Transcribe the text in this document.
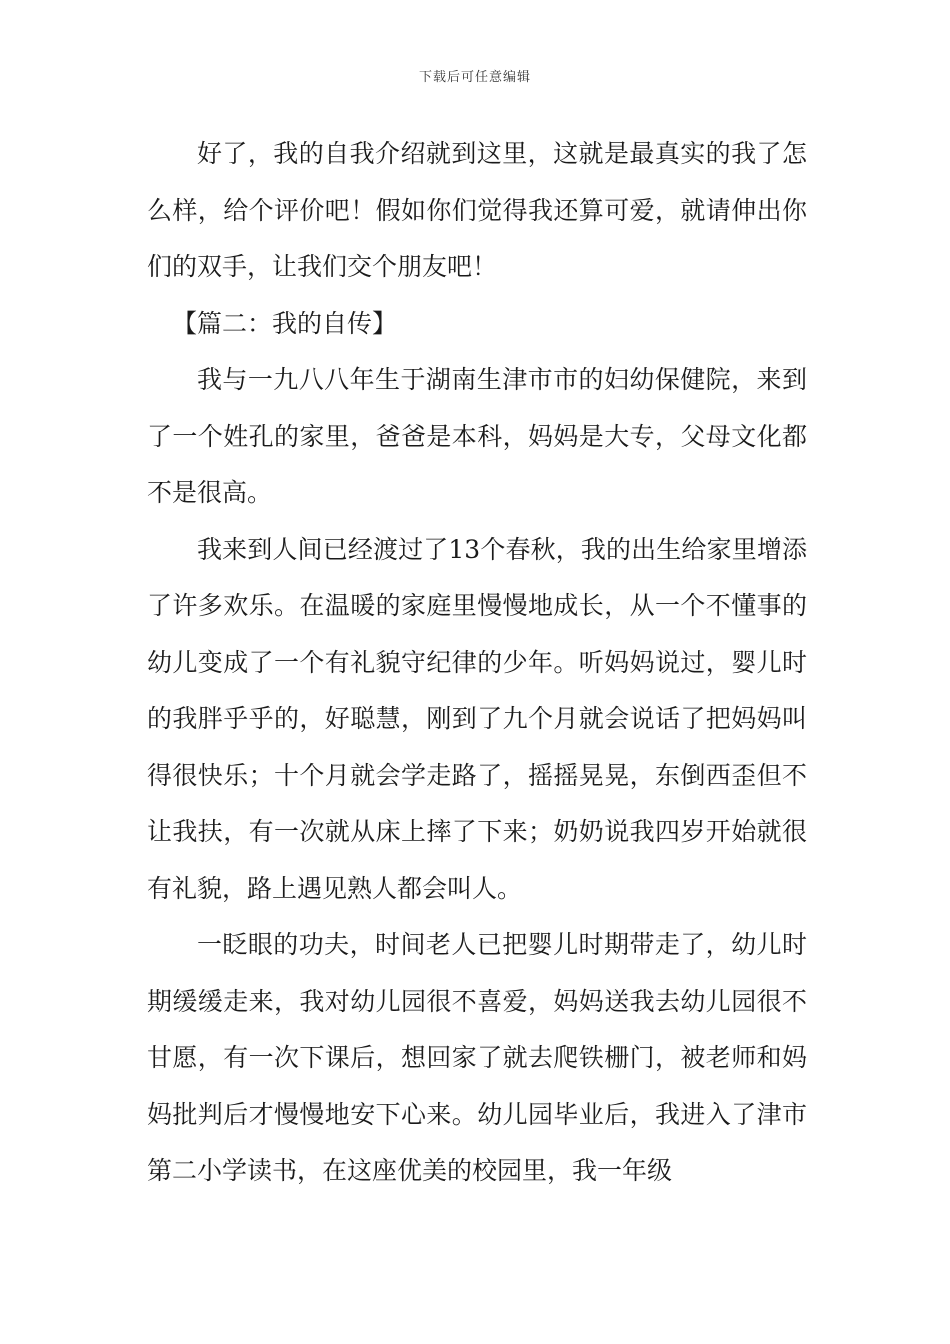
下载后可任意编辑

好了，我的自我介绍就到这里，这就是最真实的我了怎么样，给个评价吧！假如你们觉得我还算可爱，就请伸出你们的双手，让我们交个朋友吧！

【篇二：我的自传】

我与一九八八年生于湖南生津市市的妇幼保健院，来到了一个姓孔的家里，爸爸是本科，妈妈是大专，父母文化都不是很高。

我来到人间已经渡过了13个春秋，我的出生给家里增添了许多欢乐。在温暖的家庭里慢慢地成长，从一个不懂事的幼儿变成了一个有礼貌守纪律的少年。听妈妈说过，婴儿时的我胖乎乎的，好聪慧，刚到了九个月就会说话了把妈妈叫得很快乐；十个月就会学走路了，摇摇晃晃，东倒西歪但不让我扶，有一次就从床上摔了下来；奶奶说我四岁开始就很有礼貌，路上遇见熟人都会叫人。

一眨眼的功夫，时间老人已把婴儿时期带走了，幼儿时期缓缓走来，我对幼儿园很不喜爱，妈妈送我去幼儿园很不甘愿，有一次下课后，想回家了就去爬铁栅门，被老师和妈妈批判后才慢慢地安下心来。幼儿园毕业后，我进入了津市第二小学读书，在这座优美的校园里，我一年级
